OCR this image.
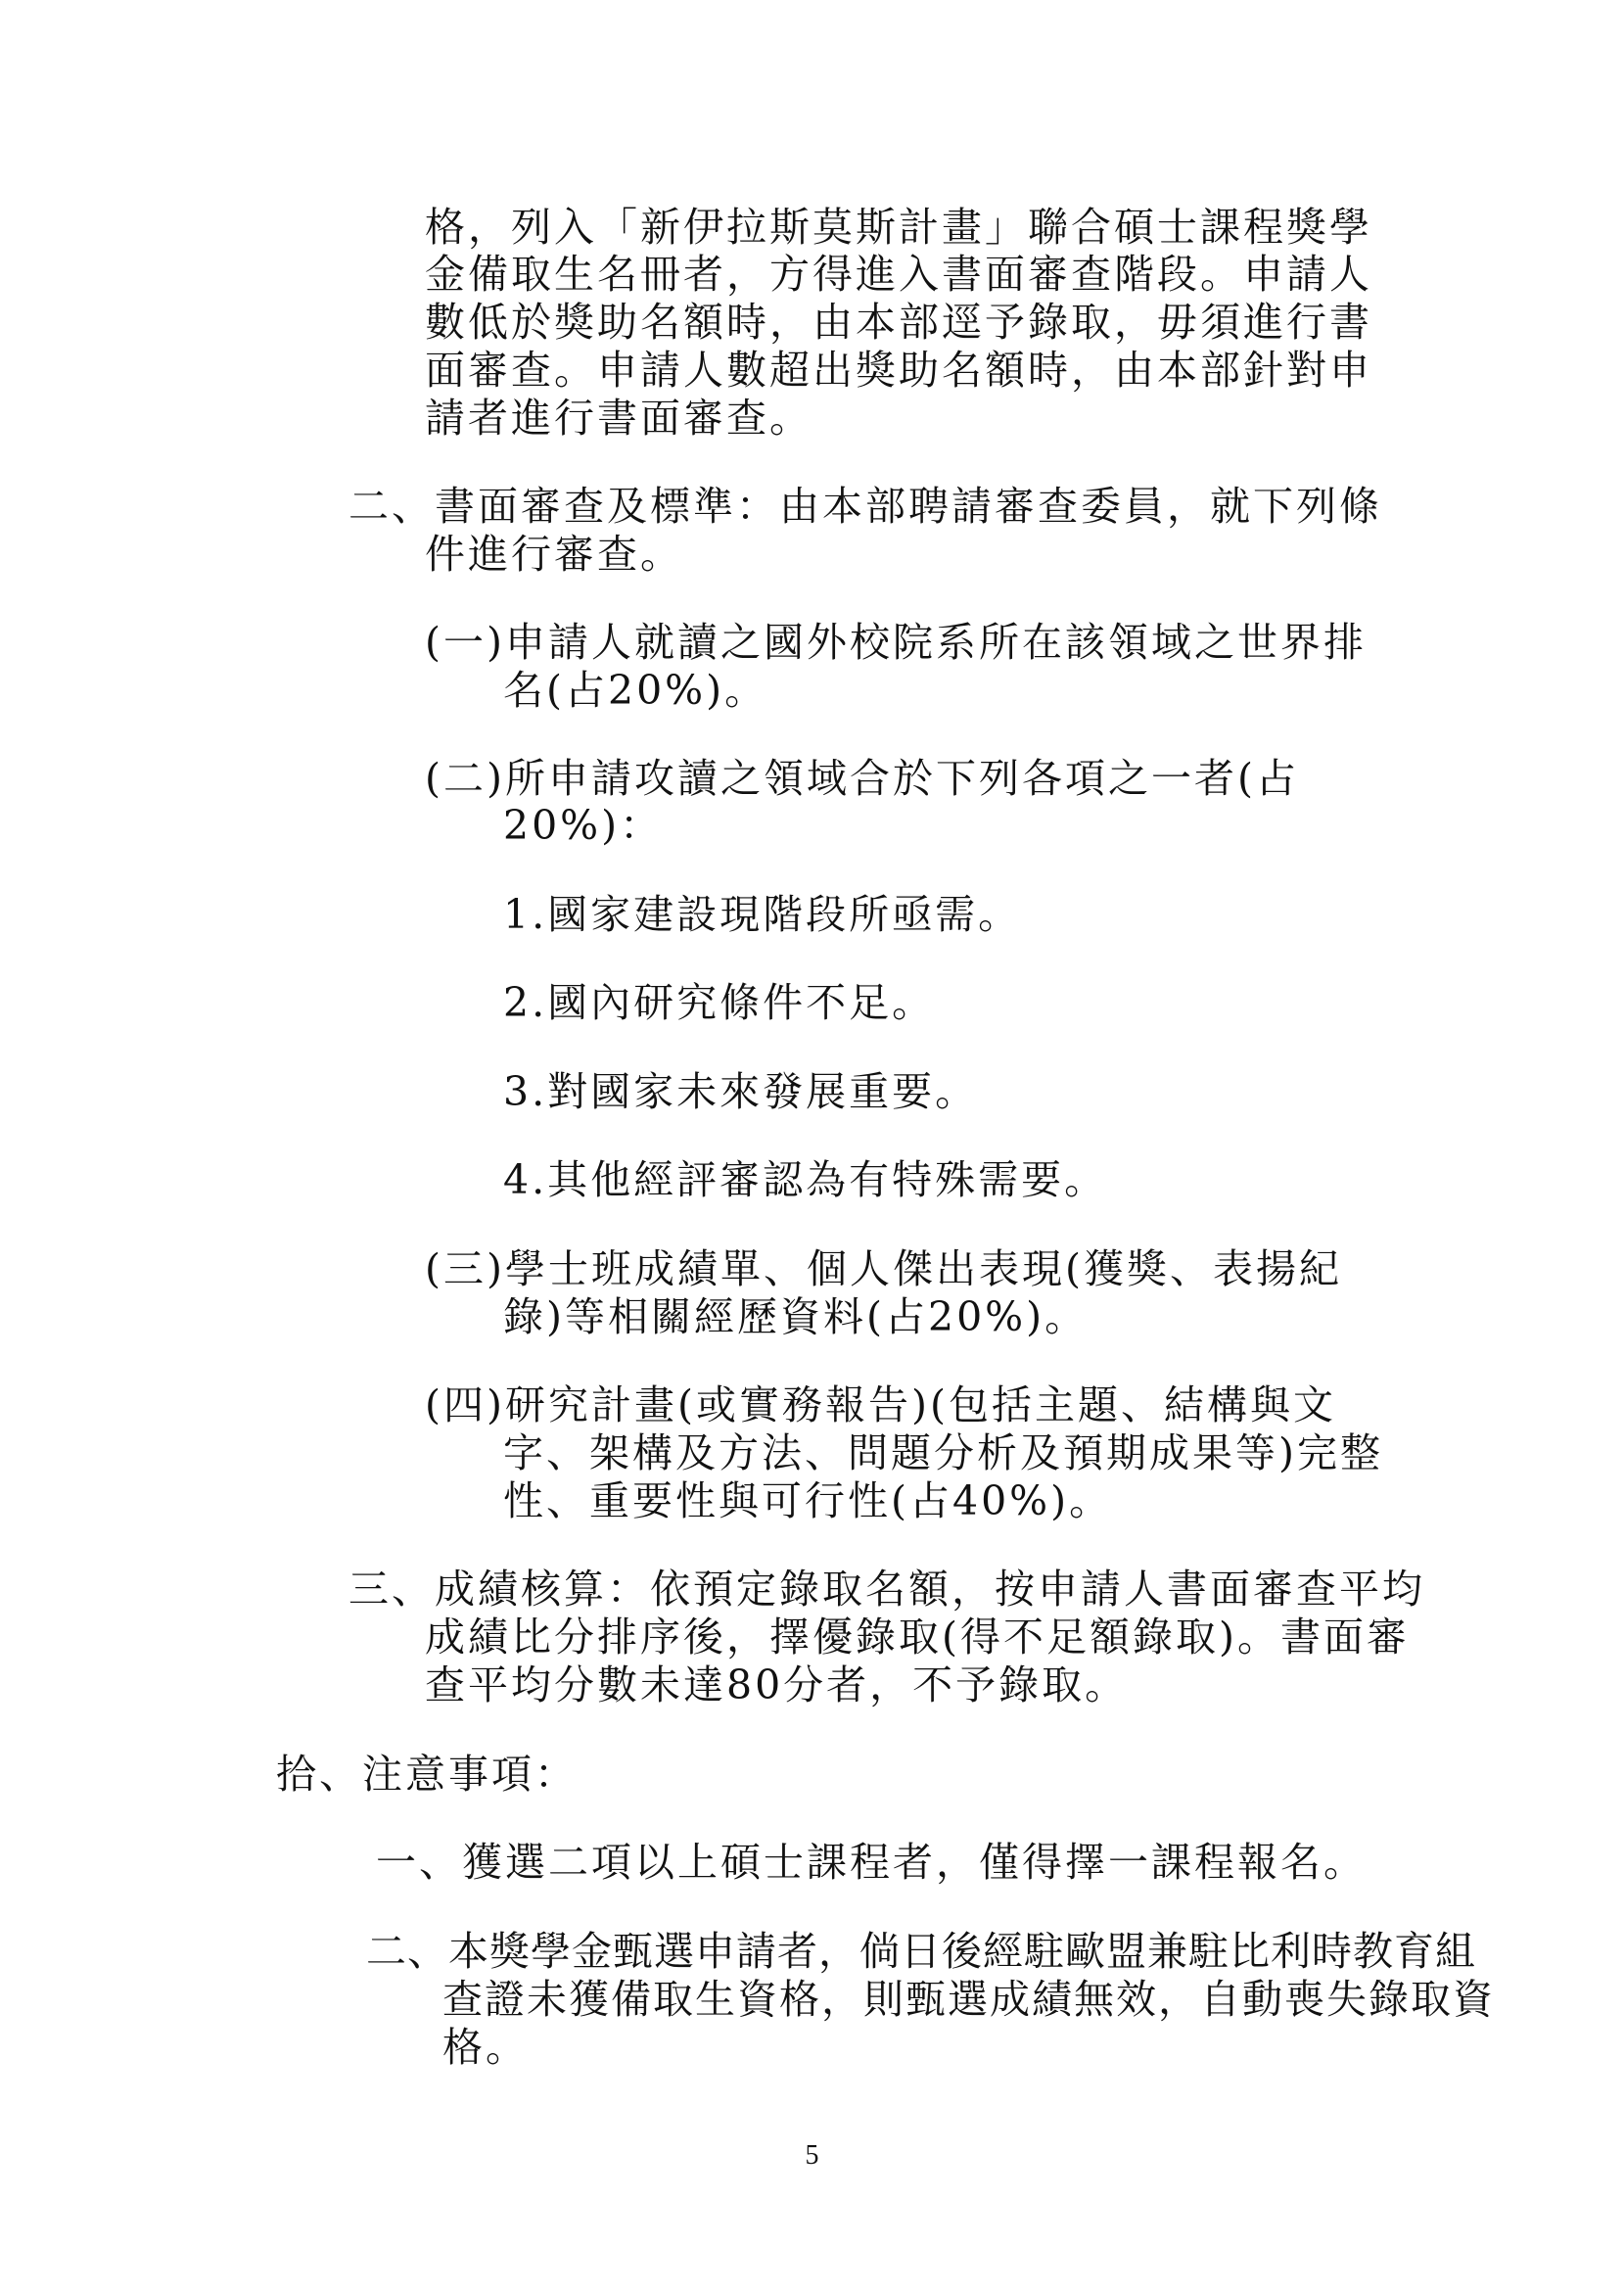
格，列入「新伊拉斯莫斯計畫」聯合碩士課程獎學
金備取生名冊者，方得進入書面審查階段。申請人
數低於獎助名額時，由本部逕予錄取，毋須進行書
面審查。申請人數超出獎助名額時，由本部針對申
請者進行書面審查。
二、書面審查及標準：由本部聘請審查委員，就下列條
件進行審查。
(一)申請人就讀之國外校院系所在該領域之世界排
名(占20%)。
(二)所申請攻讀之領域合於下列各項之一者(占
20%)：
1.國家建設現階段所亟需。
2.國內研究條件不足。
3.對國家未來發展重要。
4.其他經評審認為有特殊需要。
(三)學士班成績單、個人傑出表現(獲獎、表揚紀
錄)等相關經歷資料(占20%)。
(四)研究計畫(或實務報告)(包括主題、結構與文
字、架構及方法、問題分析及預期成果等)完整
性、重要性與可行性(占40%)。
三、成績核算：依預定錄取名額，按申請人書面審查平均
成績比分排序後，擇優錄取(得不足額錄取)。書面審
查平均分數未達80分者，不予錄取。
拾、注意事項：
一、獲選二項以上碩士課程者，僅得擇一課程報名。
二、本獎學金甄選申請者，倘日後經駐歐盟兼駐比利時教育組
查證未獲備取生資格，則甄選成績無效，自動喪失錄取資
格。
5
